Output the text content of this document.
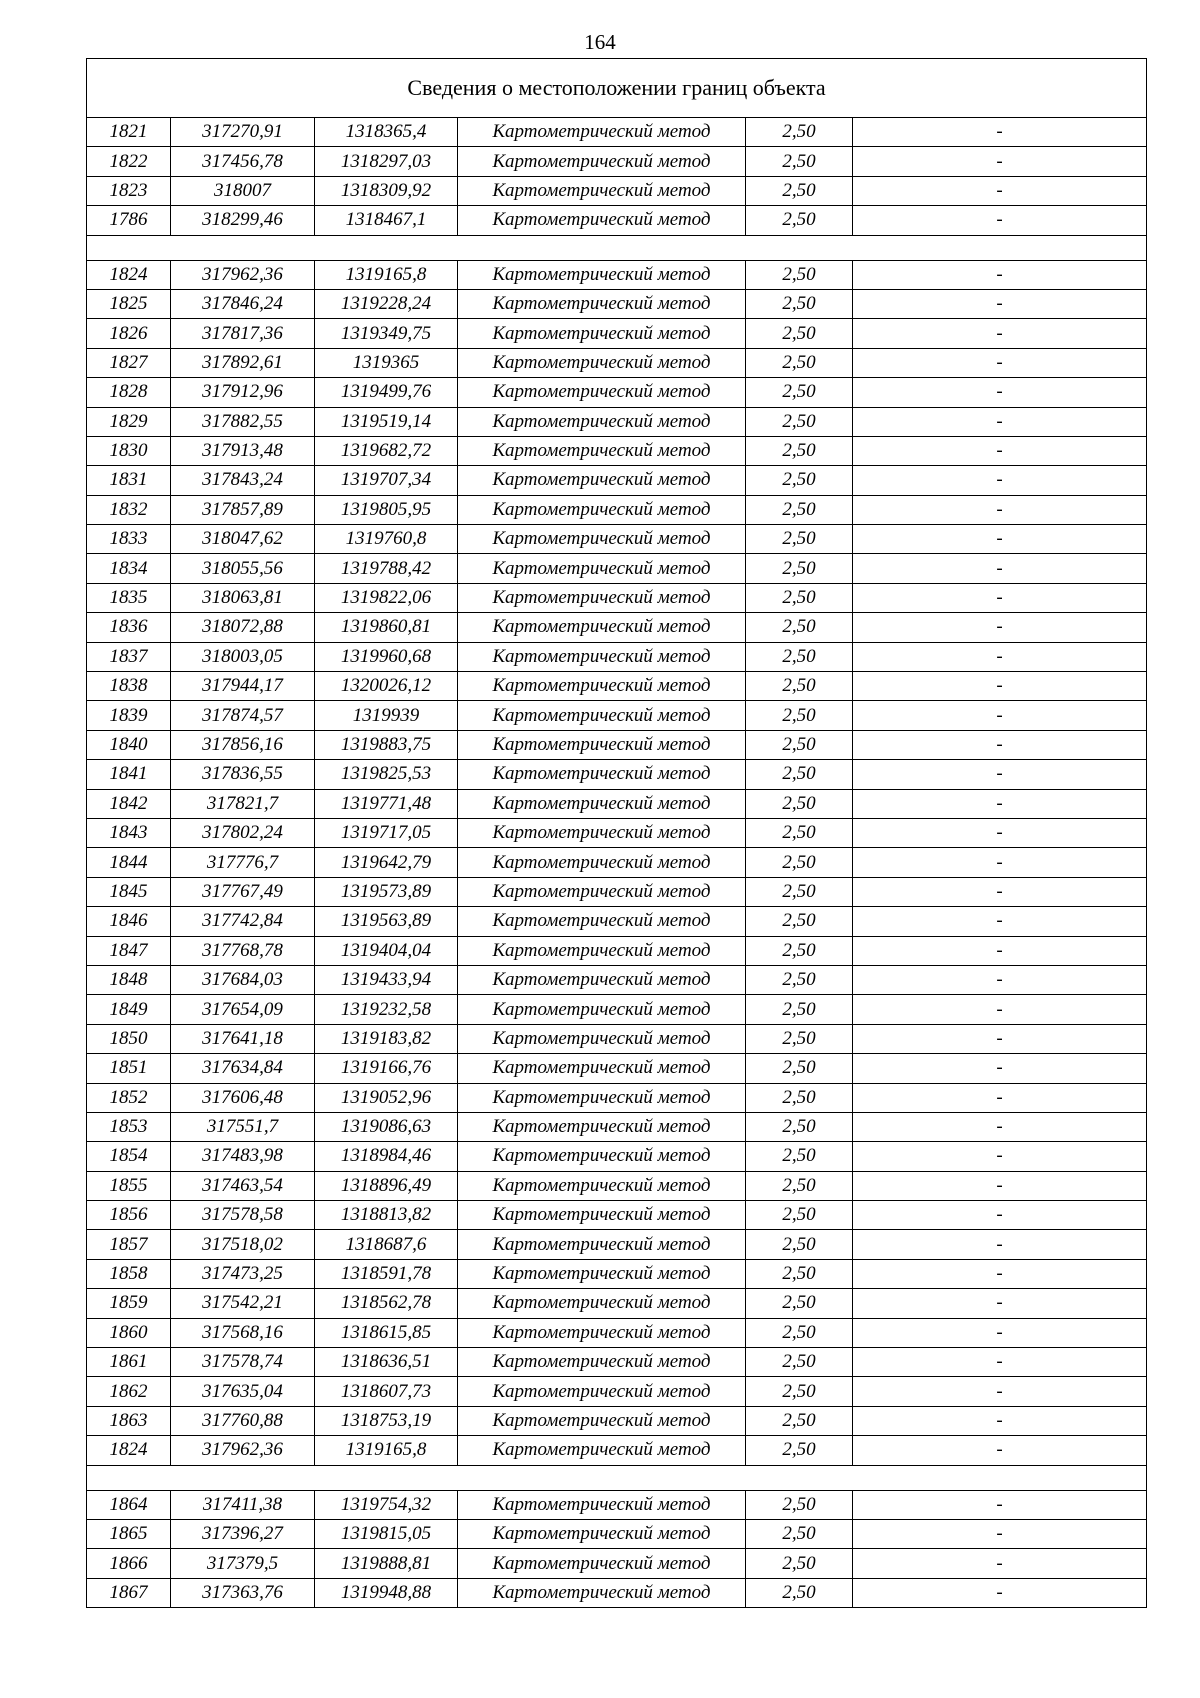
164
Сведения о местоположении границ объекта					
1821	317270,91	1318365,4	Картометрический метод	2,50	-
1822	317456,78	1318297,03	Картометрический метод	2,50	-
1823	318007	1318309,92	Картометрический метод	2,50	-
1786	318299,46	1318467,1	Картометрический метод	2,50	-

1824	317962,36	1319165,8	Картометрический метод	2,50	-
1825	317846,24	1319228,24	Картометрический метод	2,50	-
1826	317817,36	1319349,75	Картометрический метод	2,50	-
1827	317892,61	1319365	Картометрический метод	2,50	-
1828	317912,96	1319499,76	Картометрический метод	2,50	-
1829	317882,55	1319519,14	Картометрический метод	2,50	-
1830	317913,48	1319682,72	Картометрический метод	2,50	-
1831	317843,24	1319707,34	Картометрический метод	2,50	-
1832	317857,89	1319805,95	Картометрический метод	2,50	-
1833	318047,62	1319760,8	Картометрический метод	2,50	-
1834	318055,56	1319788,42	Картометрический метод	2,50	-
1835	318063,81	1319822,06	Картометрический метод	2,50	-
1836	318072,88	1319860,81	Картометрический метод	2,50	-
1837	318003,05	1319960,68	Картометрический метод	2,50	-
1838	317944,17	1320026,12	Картометрический метод	2,50	-
1839	317874,57	1319939	Картометрический метод	2,50	-
1840	317856,16	1319883,75	Картометрический метод	2,50	-
1841	317836,55	1319825,53	Картометрический метод	2,50	-
1842	317821,7	1319771,48	Картометрический метод	2,50	-
1843	317802,24	1319717,05	Картометрический метод	2,50	-
1844	317776,7	1319642,79	Картометрический метод	2,50	-
1845	317767,49	1319573,89	Картометрический метод	2,50	-
1846	317742,84	1319563,89	Картометрический метод	2,50	-
1847	317768,78	1319404,04	Картометрический метод	2,50	-
1848	317684,03	1319433,94	Картометрический метод	2,50	-
1849	317654,09	1319232,58	Картометрический метод	2,50	-
1850	317641,18	1319183,82	Картометрический метод	2,50	-
1851	317634,84	1319166,76	Картометрический метод	2,50	-
1852	317606,48	1319052,96	Картометрический метод	2,50	-
1853	317551,7	1319086,63	Картометрический метод	2,50	-
1854	317483,98	1318984,46	Картометрический метод	2,50	-
1855	317463,54	1318896,49	Картометрический метод	2,50	-
1856	317578,58	1318813,82	Картометрический метод	2,50	-
1857	317518,02	1318687,6	Картометрический метод	2,50	-
1858	317473,25	1318591,78	Картометрический метод	2,50	-
1859	317542,21	1318562,78	Картометрический метод	2,50	-
1860	317568,16	1318615,85	Картометрический метод	2,50	-
1861	317578,74	1318636,51	Картометрический метод	2,50	-
1862	317635,04	1318607,73	Картометрический метод	2,50	-
1863	317760,88	1318753,19	Картометрический метод	2,50	-
1824	317962,36	1319165,8	Картометрический метод	2,50	-

1864	317411,38	1319754,32	Картометрический метод	2,50	-
1865	317396,27	1319815,05	Картометрический метод	2,50	-
1866	317379,5	1319888,81	Картометрический метод	2,50	-
1867	317363,76	1319948,88	Картометрический метод	2,50	-
